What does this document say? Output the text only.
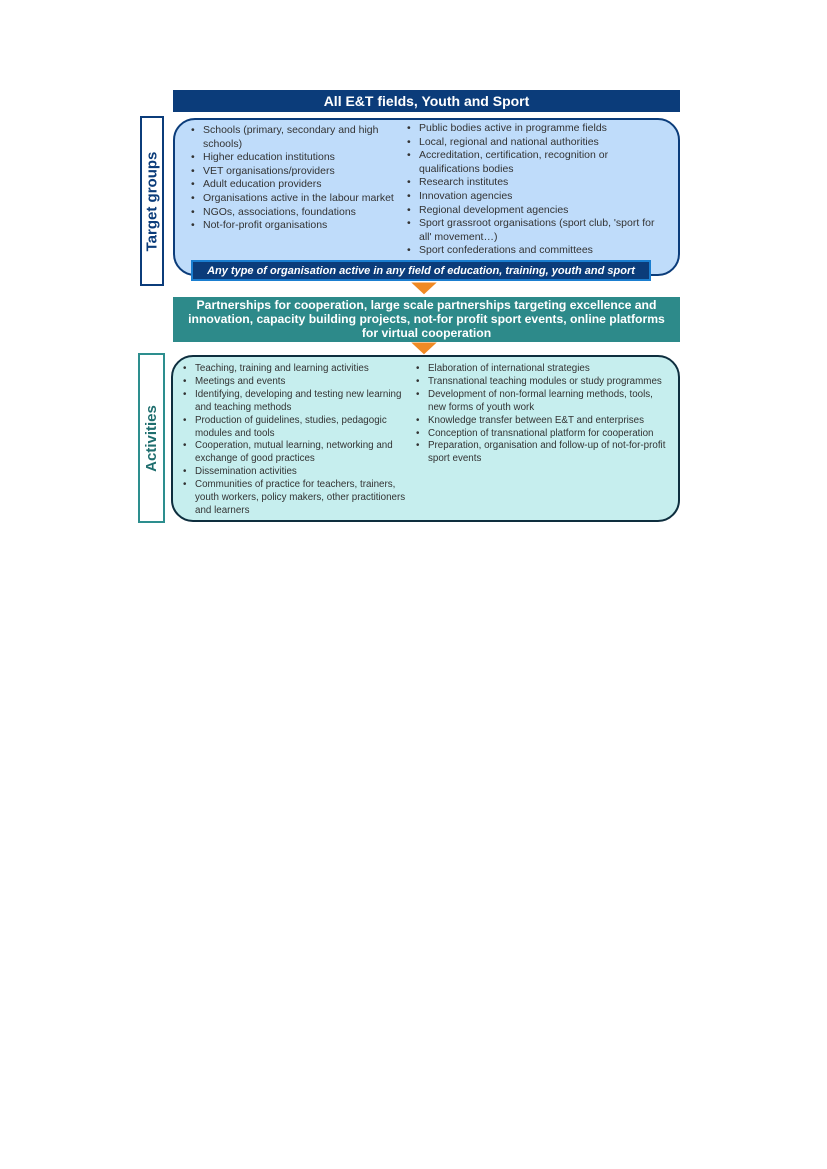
All E&T fields, Youth and Sport
Target groups
• Schools (primary, secondary and high schools)
• Higher education institutions
• VET organisations/providers
• Adult education providers
• Organisations active in the labour market
• NGOs, associations, foundations
• Not-for-profit organisations
• Public bodies active in programme fields
• Local, regional and national authorities
• Accreditation, certification, recognition or qualifications bodies
• Research institutes
• Innovation agencies
• Regional development agencies
• Sport grassroot organisations (sport club, 'sport for all' movement…)
• Sport confederations and committees
Any type of organisation active in any field of education, training, youth and sport
Partnerships for cooperation, large scale partnerships targeting excellence and innovation, capacity building projects, not-for profit sport events, online platforms for virtual cooperation
Activities
• Teaching, training and learning activities
• Meetings and events
• Identifying, developing and testing new learning and teaching methods
• Production of guidelines, studies, pedagogic modules and tools
• Cooperation, mutual learning, networking and exchange of good practices
• Dissemination activities
• Communities of practice for teachers, trainers, youth workers, policy makers, other practitioners and learners
• Elaboration of international strategies
• Transnational teaching modules or study programmes
• Development of non-formal learning methods, tools, new forms of youth work
• Knowledge transfer between E&T and enterprises
• Conception of transnational platform for cooperation
• Preparation, organisation and follow-up of not-for-profit sport events
